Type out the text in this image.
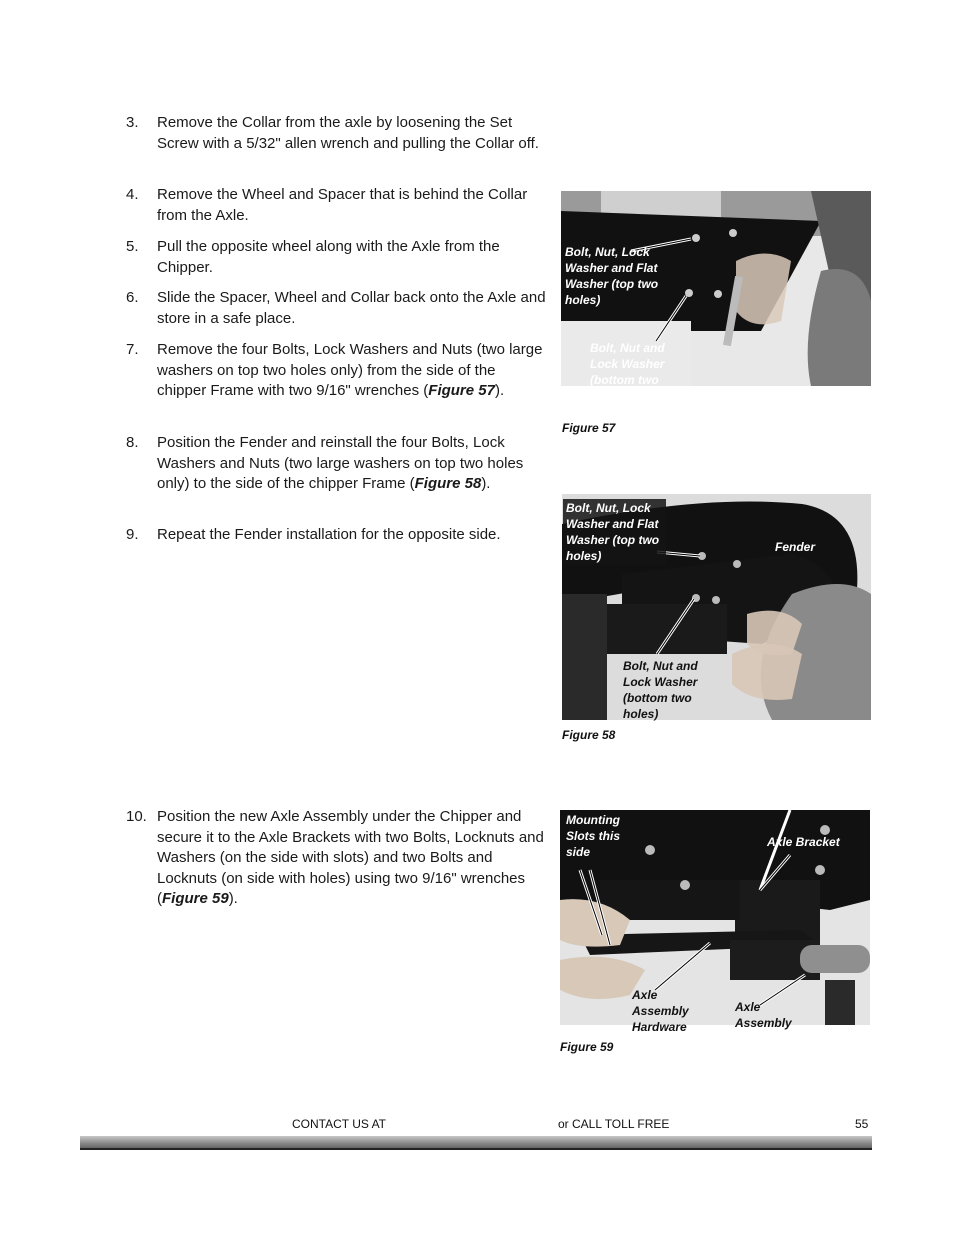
3. Remove the Collar from the axle by loosening the Set Screw with a 5/32" allen wrench and pulling the Collar off.
4. Remove the Wheel and Spacer that is behind the Collar from the Axle.
5. Pull the opposite wheel along with the Axle from the Chipper.
6. Slide the Spacer, Wheel and Collar back onto the Axle and store in a safe place.
7. Remove the four Bolts, Lock Washers and Nuts (two large washers on top two holes only) from the side of the chipper Frame with two 9/16" wrenches (Figure 57).
8. Position the Fender and reinstall the four Bolts, Lock Washers and Nuts (two large washers on top two holes only) to the side of the chipper Frame (Figure 58).
9. Repeat the Fender installation for the opposite side.
10. Position the new Axle Assembly under the Chipper and secure it to the Axle Brackets with two Bolts, Locknuts and Washers (on the side with slots) and two Bolts and Locknuts (on side with holes) using two 9/16" wrenches (Figure 59).
Bolt, Nut, Lock Washer and Flat Washer (top two holes)
Bolt, Nut and Lock Washer (bottom two holes)
Figure 57
Bolt, Nut, Lock Washer and Flat Washer (top two holes)
Fender
Bolt, Nut and Lock Washer (bottom two holes)
Figure 58
Mounting Slots this side
Axle Bracket
Axle Assembly Hardware
Axle Assembly
Figure 59
CONTACT US AT	or CALL TOLL FREE	55
